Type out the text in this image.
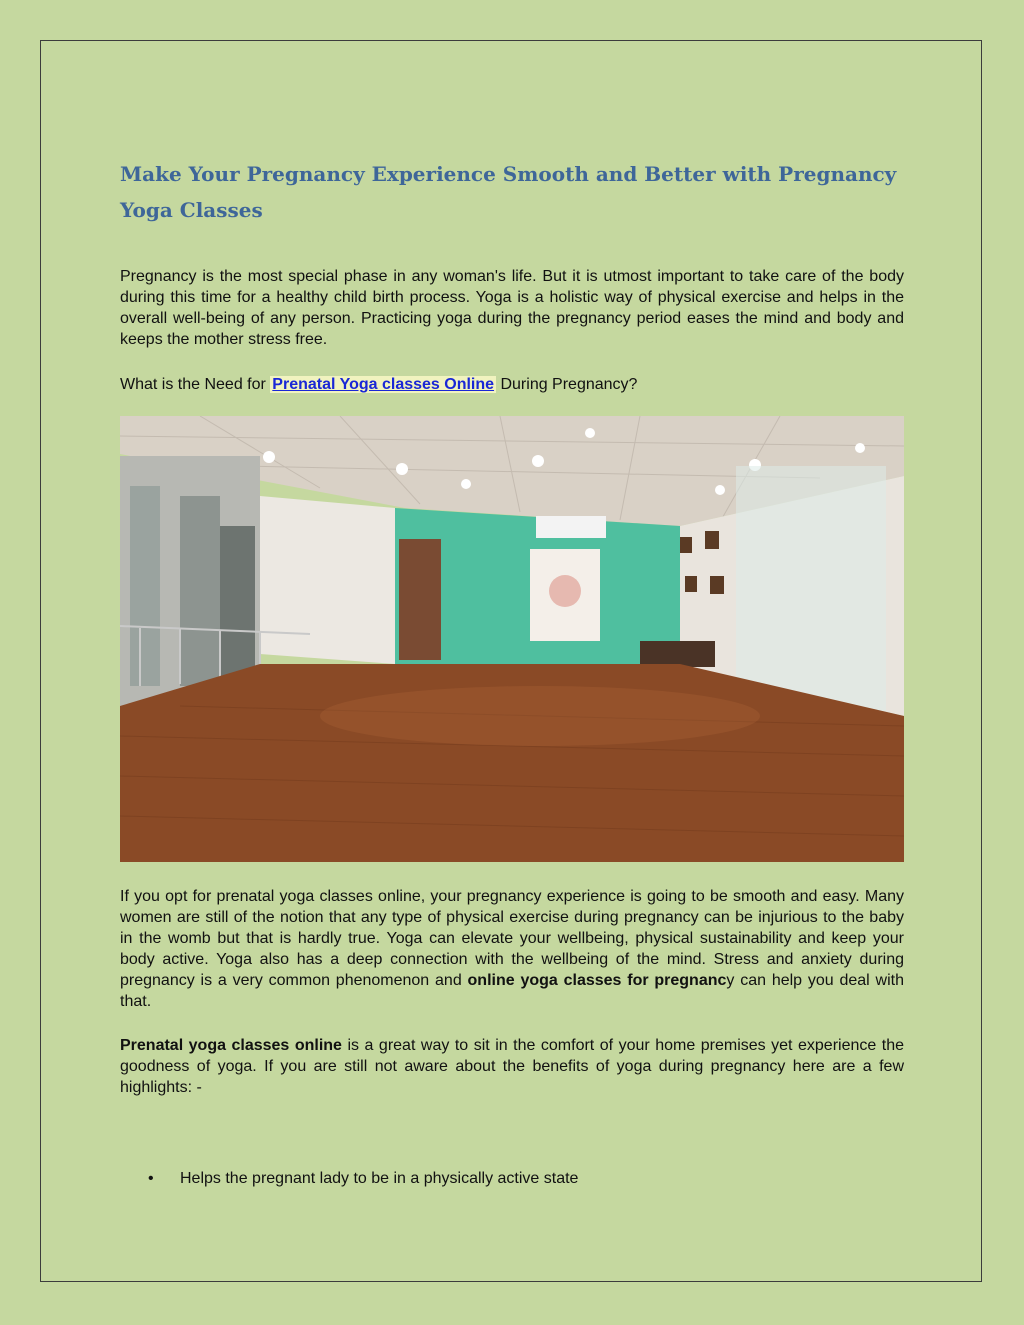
Make Your Pregnancy Experience Smooth and Better with Pregnancy Yoga Classes

Pregnancy is the most special phase in any woman's life. But it is utmost important to take care of the body during this time for a healthy child birth process. Yoga is a holistic way of physical exercise and helps in the overall well-being of any person. Practicing yoga during the pregnancy period eases the mind and body and keeps the mother stress free.

What is the Need for Prenatal Yoga classes Online During Pregnancy?

If you opt for prenatal yoga classes online, your pregnancy experience is going to be smooth and easy. Many women are still of the notion that any type of physical exercise during pregnancy can be injurious to the baby in the womb but that is hardly true. Yoga can elevate your wellbeing, physical sustainability and keep your body active. Yoga also has a deep connection with the wellbeing of the mind. Stress and anxiety during pregnancy is a very common phenomenon and online yoga classes for pregnancy can help you deal with that.

Prenatal yoga classes online is a great way to sit in the comfort of your home premises yet experience the goodness of yoga. If you are still not aware about the benefits of yoga during pregnancy here are a few highlights: -

• Helps the pregnant lady to be in a physically active state
